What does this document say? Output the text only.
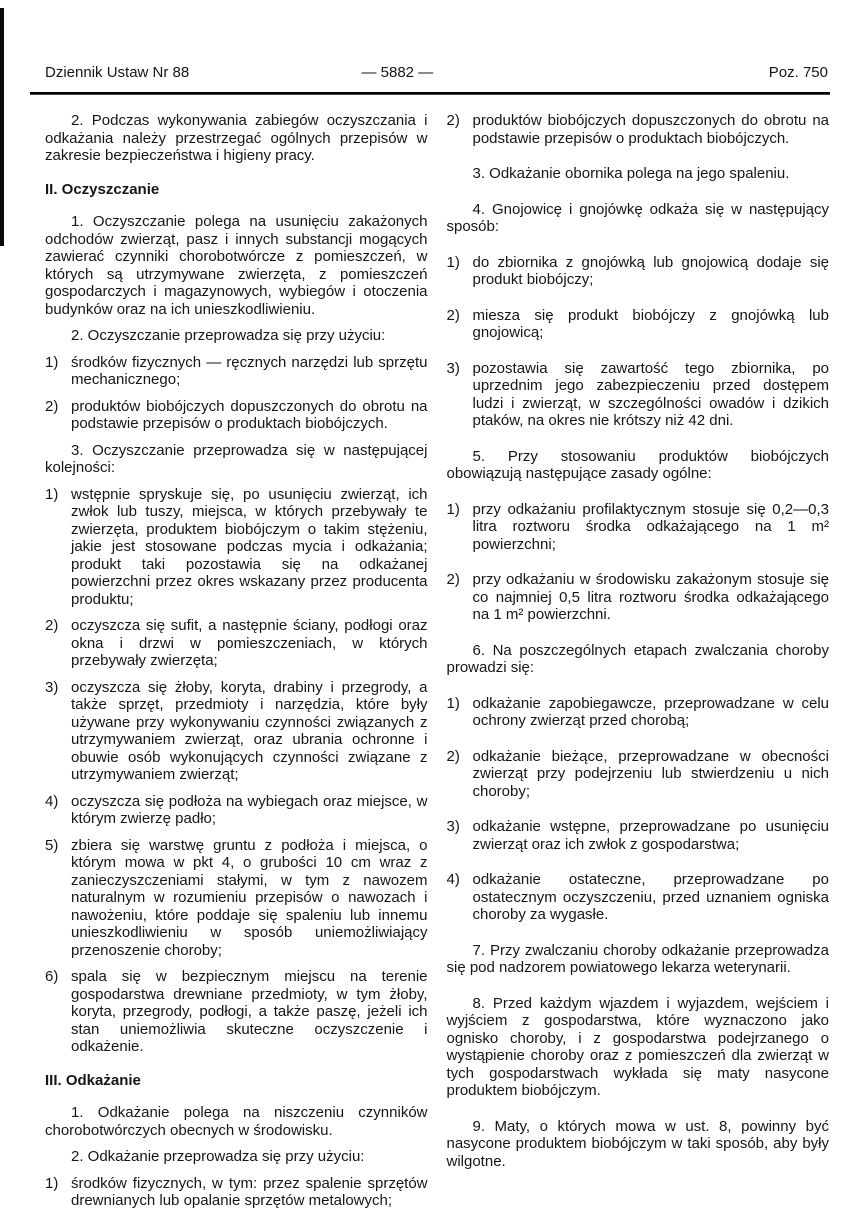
Dziennik Ustaw Nr 88	— 5882 —	Poz. 750

2. Podczas wykonywania zabiegów oczyszczania i odkażania należy przestrzegać ogólnych przepisów w zakresie bezpieczeństwa i higieny pracy.

II. Oczyszczanie

1. Oczyszczanie polega na usunięciu zakażonych odchodów zwierząt, pasz i innych substancji mogących zawierać czynniki chorobotwórcze z pomieszczeń, w których są utrzymywane zwierzęta, z pomieszczeń gospodarczych i magazynowych, wybiegów i otoczenia budynków oraz na ich unieszkodliwieniu.

2. Oczyszczanie przeprowadza się przy użyciu:

1) środków fizycznych — ręcznych narzędzi lub sprzętu mechanicznego;
2) produktów biobójczych dopuszczonych do obrotu na podstawie przepisów o produktach biobójczych.

3. Oczyszczanie przeprowadza się w następującej kolejności:

1) wstępnie spryskuje się, po usunięciu zwierząt, ich zwłok lub tuszy, miejsca, w których przebywały te zwierzęta, produktem biobójczym o takim stężeniu, jakie jest stosowane podczas mycia i odkażania; produkt taki pozostawia się na odkażanej powierzchni przez okres wskazany przez producenta produktu;
2) oczyszcza się sufit, a następnie ściany, podłogi oraz okna i drzwi w pomieszczeniach, w których przebywały zwierzęta;
3) oczyszcza się żłoby, koryta, drabiny i przegrody, a także sprzęt, przedmioty i narzędzia, które były używane przy wykonywaniu czynności związanych z utrzymywaniem zwierząt, oraz ubrania ochronne i obuwie osób wykonujących czynności związane z utrzymywaniem zwierząt;
4) oczyszcza się podłoża na wybiegach oraz miejsce, w którym zwierzę padło;
5) zbiera się warstwę gruntu z podłoża i miejsca, o którym mowa w pkt 4, o grubości 10 cm wraz z zanieczyszczeniami stałymi, w tym z nawozem naturalnym w rozumieniu przepisów o nawozach i nawożeniu, które poddaje się spaleniu lub innemu unieszkodliwieniu w sposób uniemożliwiający przenoszenie choroby;
6) spala się w bezpiecznym miejscu na terenie gospodarstwa drewniane przedmioty, w tym żłoby, koryta, przegrody, podłogi, a także paszę, jeżeli ich stan uniemożliwia skuteczne oczyszczenie i odkażenie.
III. Odkażanie

1. Odkażanie polega na niszczeniu czynników chorobotwórczych obecnych w środowisku.

2. Odkażanie przeprowadza się przy użyciu:

1) środków fizycznych, w tym: przez spalenie sprzętów drewnianych lub opalanie sprzętów metalowych;
2) produktów biobójczych dopuszczonych do obrotu na podstawie przepisów o produktach biobójczych.

3. Odkażanie obornika polega na jego spaleniu.

4. Gnojowicę i gnojówkę odkaża się w następujący sposób:

1) do zbiornika z gnojówką lub gnojowicą dodaje się produkt biobójczy;
2) miesza się produkt biobójczy z gnojówką lub gnojowicą;
3) pozostawia się zawartość tego zbiornika, po uprzednim jego zabezpieczeniu przed dostępem ludzi i zwierząt, w szczególności owadów i dzikich ptaków, na okres nie krótszy niż 42 dni.

5. Przy stosowaniu produktów biobójczych obowiązują następujące zasady ogólne:

1) przy odkażaniu profilaktycznym stosuje się 0,2—0,3 litra roztworu środka odkażającego na 1 m² powierzchni;
2) przy odkażaniu w środowisku zakażonym stosuje się co najmniej 0,5 litra roztworu środka odkażającego na 1 m² powierzchni.

6. Na poszczególnych etapach zwalczania choroby prowadzi się:

1) odkażanie zapobiegawcze, przeprowadzane w celu ochrony zwierząt przed chorobą;
2) odkażanie bieżące, przeprowadzane w obecności zwierząt przy podejrzeniu lub stwierdzeniu u nich choroby;
3) odkażanie wstępne, przeprowadzane po usunięciu zwierząt oraz ich zwłok z gospodarstwa;
4) odkażanie ostateczne, przeprowadzane po ostatecznym oczyszczeniu, przed uznaniem ogniska choroby za wygasłe.

7. Przy zwalczaniu choroby odkażanie przeprowadza się pod nadzorem powiatowego lekarza weterynarii.

8. Przed każdym wjazdem i wyjazdem, wejściem i wyjściem z gospodarstwa, które wyznaczono jako ognisko choroby, i z gospodarstwa podejrzanego o wystąpienie choroby oraz z pomieszczeń dla zwierząt w tych gospodarstwach wykłada się maty nasycone produktem biobójczym.

9. Maty, o których mowa w ust. 8, powinny być nasycone produktem biobójczym w taki sposób, aby były wilgotne.
